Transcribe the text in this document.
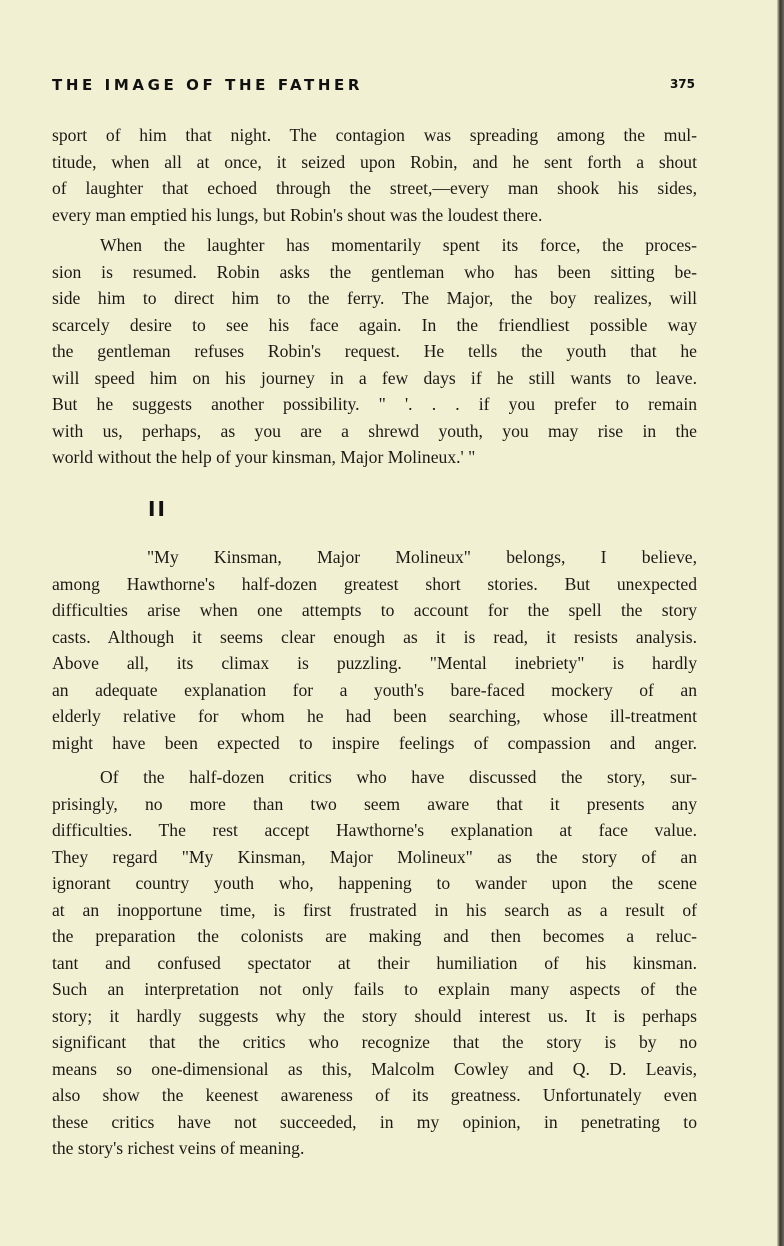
THE IMAGE OF THE FATHER	375
sport of him that night. The contagion was spreading among the mul-
titude, when all at once, it seized upon Robin, and he sent forth a shout
of laughter that echoed through the street,—every man shook his sides,
every man emptied his lungs, but Robin's shout was the loudest there.
When the laughter has momentarily spent its force, the proces-
sion is resumed. Robin asks the gentleman who has been sitting be-
side him to direct him to the ferry. The Major, the boy realizes, will
scarcely desire to see his face again. In the friendliest possible way
the gentleman refuses Robin's request. He tells the youth that he
will speed him on his journey in a few days if he still wants to leave.
But he suggests another possibility. " '. . . if you prefer to remain
with us, perhaps, as you are a shrewd youth, you may rise in the
world without the help of your kinsman, Major Molineux.' "
II
"My Kinsman, Major Molineux" belongs, I believe,
among Hawthorne's half-dozen greatest short stories. But unexpected
difficulties arise when one attempts to account for the spell the story
casts. Although it seems clear enough as it is read, it resists analysis.
Above all, its climax is puzzling. "Mental inebriety" is hardly
an adequate explanation for a youth's bare-faced mockery of an
elderly relative for whom he had been searching, whose ill-treatment
might have been expected to inspire feelings of compassion and anger.
Of the half-dozen critics who have discussed the story, sur-
prisingly, no more than two seem aware that it presents any
difficulties. The rest accept Hawthorne's explanation at face value.
They regard "My Kinsman, Major Molineux" as the story of an
ignorant country youth who, happening to wander upon the scene
at an inopportune time, is first frustrated in his search as a result of
the preparation the colonists are making and then becomes a reluc-
tant and confused spectator at their humiliation of his kinsman.
Such an interpretation not only fails to explain many aspects of the
story; it hardly suggests why the story should interest us. It is perhaps
significant that the critics who recognize that the story is by no
means so one-dimensional as this, Malcolm Cowley and Q. D. Leavis,
also show the keenest awareness of its greatness. Unfortunately even
these critics have not succeeded, in my opinion, in penetrating to
the story's richest veins of meaning.
